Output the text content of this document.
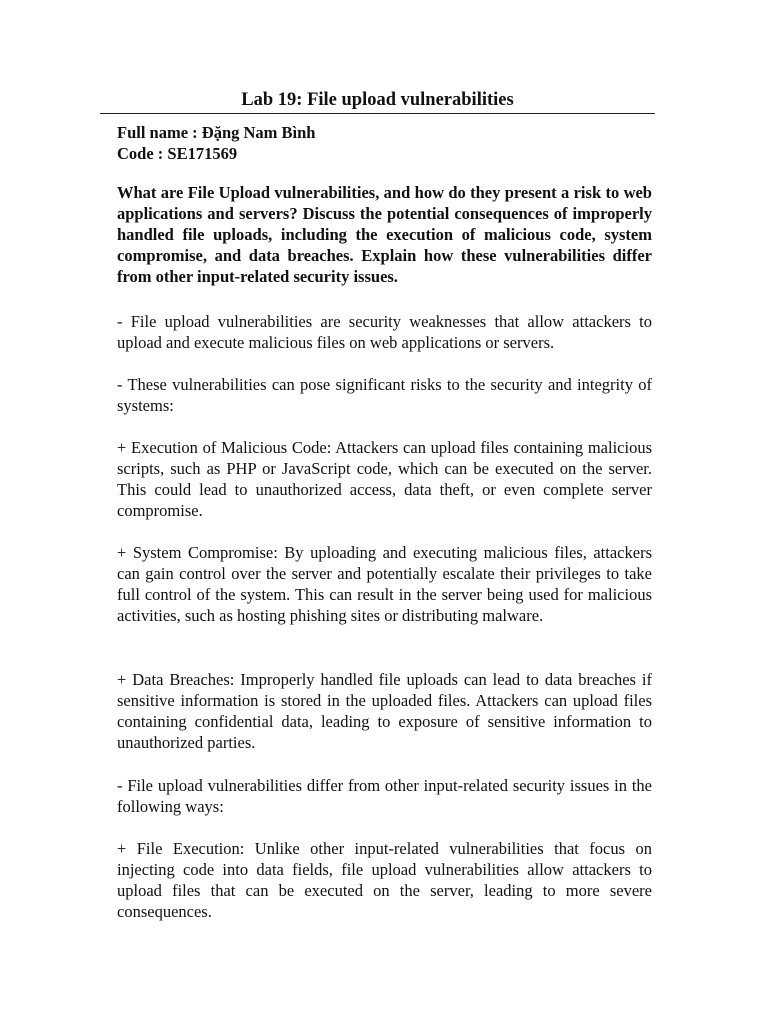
Lab 19: File upload vulnerabilities

Full name : Đặng Nam Bình

Code : SE171569

What are File Upload vulnerabilities, and how do they present a risk to web applications and servers? Discuss the potential consequences of improperly handled file uploads, including the execution of malicious code, system compromise, and data breaches. Explain how these vulnerabilities differ from other input-related security issues.

- File upload vulnerabilities are security weaknesses that allow attackers to upload and execute malicious files on web applications or servers.

- These vulnerabilities can pose significant risks to the security and integrity of systems:

+ Execution of Malicious Code: Attackers can upload files containing malicious scripts, such as PHP or JavaScript code, which can be executed on the server. This could lead to unauthorized access, data theft, or even complete server compromise.

+ System Compromise: By uploading and executing malicious files, attackers can gain control over the server and potentially escalate their privileges to take full control of the system. This can result in the server being used for malicious activities, such as hosting phishing sites or distributing malware.

+ Data Breaches: Improperly handled file uploads can lead to data breaches if sensitive information is stored in the uploaded files. Attackers can upload files containing confidential data, leading to exposure of sensitive information to unauthorized parties.

- File upload vulnerabilities differ from other input-related security issues in the following ways:

+ File Execution: Unlike other input-related vulnerabilities that focus on injecting code into data fields, file upload vulnerabilities allow attackers to upload files that can be executed on the server, leading to more severe consequences.
